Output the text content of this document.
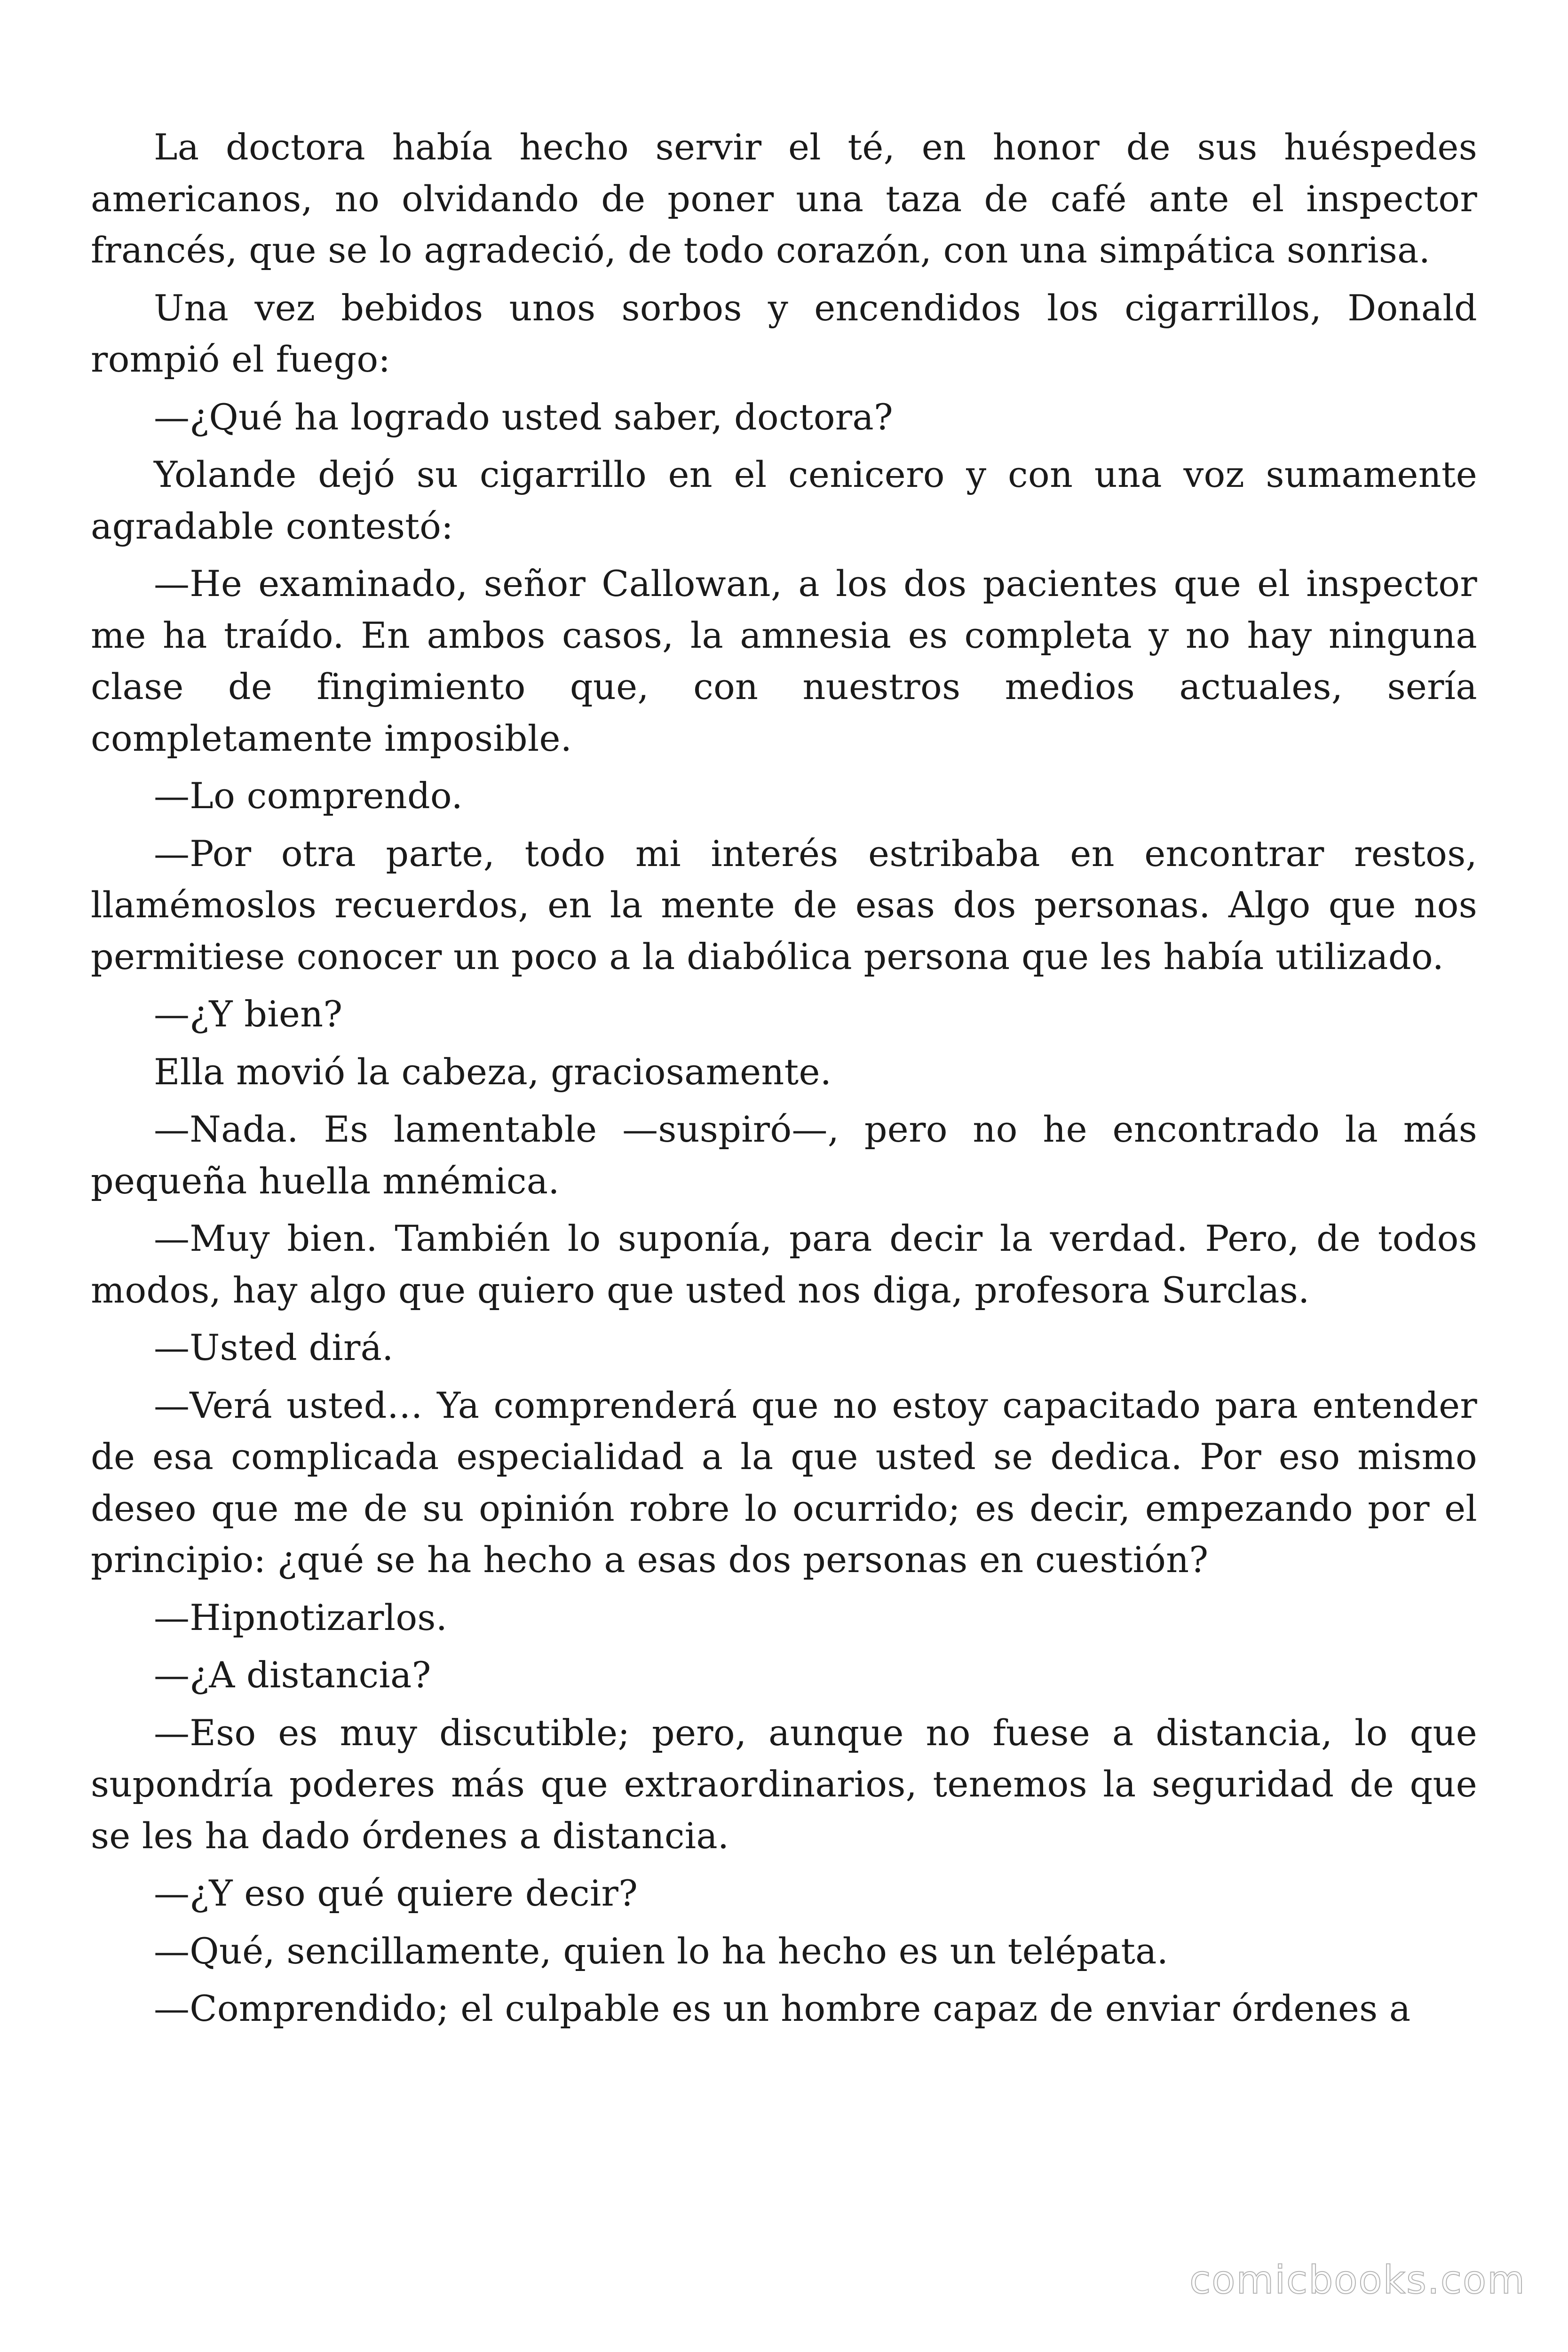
La doctora había hecho servir el té, en honor de sus huéspedes americanos, no olvidando de poner una taza de café ante el inspector francés, que se lo agradeció, de todo corazón, con una simpática sonrisa.

Una vez bebidos unos sorbos y encendidos los cigarrillos, Donald rompió el fuego:

—¿Qué ha logrado usted saber, doctora?

Yolande dejó su cigarrillo en el cenicero y con una voz sumamente agradable contestó:

—He examinado, señor Callowan, a los dos pacientes que el inspector me ha traído. En ambos casos, la amnesia es completa y no hay ninguna clase de fingimiento que, con nuestros medios actuales, sería completamente imposible.

—Lo comprendo.

—Por otra parte, todo mi interés estribaba en encontrar restos, llamémoslos recuerdos, en la mente de esas dos personas. Algo que nos permitiese conocer un poco a la diabólica persona que les había utilizado.

—¿Y bien?

Ella movió la cabeza, graciosamente.

—Nada. Es lamentable —suspiró—, pero no he encontrado la más pequeña huella mnémica.

—Muy bien. También lo suponía, para decir la verdad. Pero, de todos modos, hay algo que quiero que usted nos diga, profesora Surclas.

—Usted dirá.

—Verá usted… Ya comprenderá que no estoy capacitado para entender de esa complicada especialidad a la que usted se dedica. Por eso mismo deseo que me de su opinión robre lo ocurrido; es decir, empezando por el principio: ¿qué se ha hecho a esas dos personas en cuestión?

—Hipnotizarlos.

—¿A distancia?

—Eso es muy discutible; pero, aunque no fuese a distancia, lo que supondría poderes más que extraordinarios, tenemos la seguridad de que se les ha dado órdenes a distancia.

—¿Y eso qué quiere decir?

—Qué, sencillamente, quien lo ha hecho es un telépata.

—Comprendido; el culpable es un hombre capaz de enviar órdenes a

comicbooks.com
